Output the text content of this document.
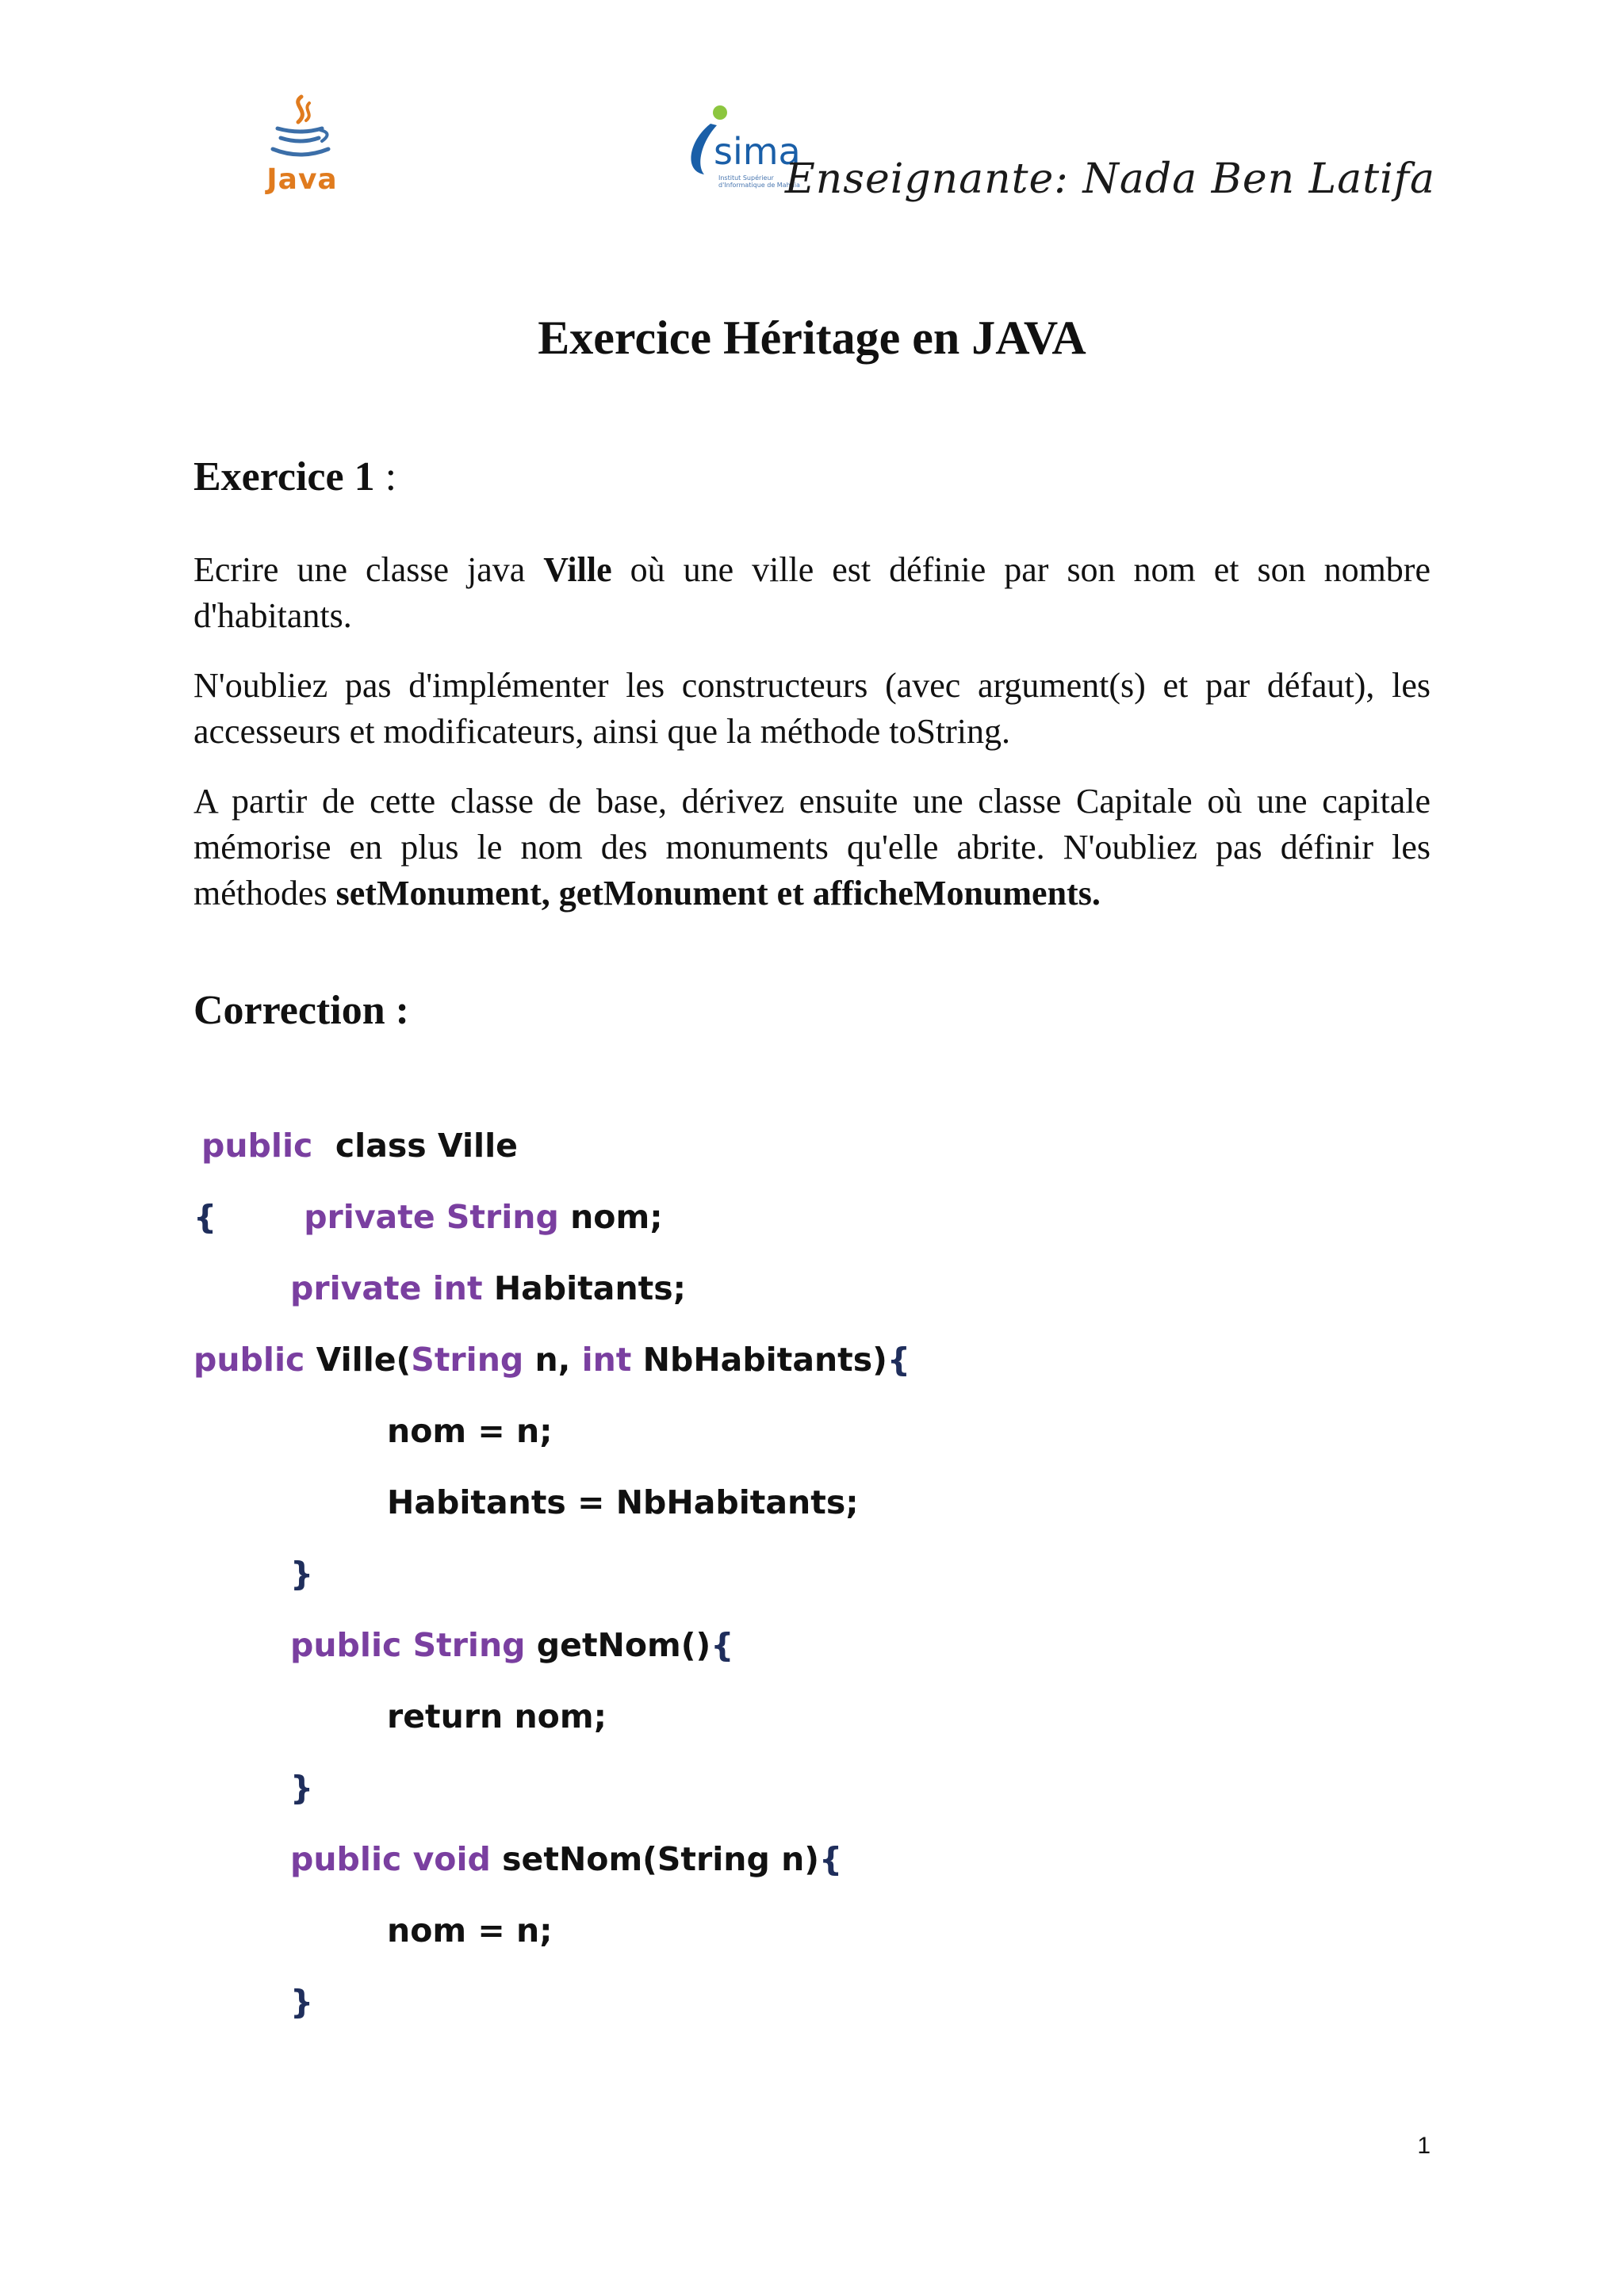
Java
sima
Institut Supérieur d'Informatique de Mahdia
Enseignante: Nada Ben Latifa
Exercice Héritage en JAVA
Exercice 1 :

Ecrire une classe java Ville où une ville est définie par son nom et son nombre d'habitants.

N'oubliez pas d'implémenter les constructeurs (avec argument(s) et par défaut), les accesseurs et modificateurs, ainsi que la méthode toString.

A partir de cette classe de base, dérivez ensuite une classe Capitale où une capitale mémorise en plus le nom des monuments qu'elle abrite. N'oubliez pas définir les méthodes setMonument, getMonument et afficheMonuments.

Correction :
public  class Ville
{	private String nom;
private int Habitants;
public Ville(String n, int NbHabitants){
nom = n;
Habitants = NbHabitants;
}
public String getNom(){
return nom;
}
public void setNom(String n){
nom = n;
}
1
